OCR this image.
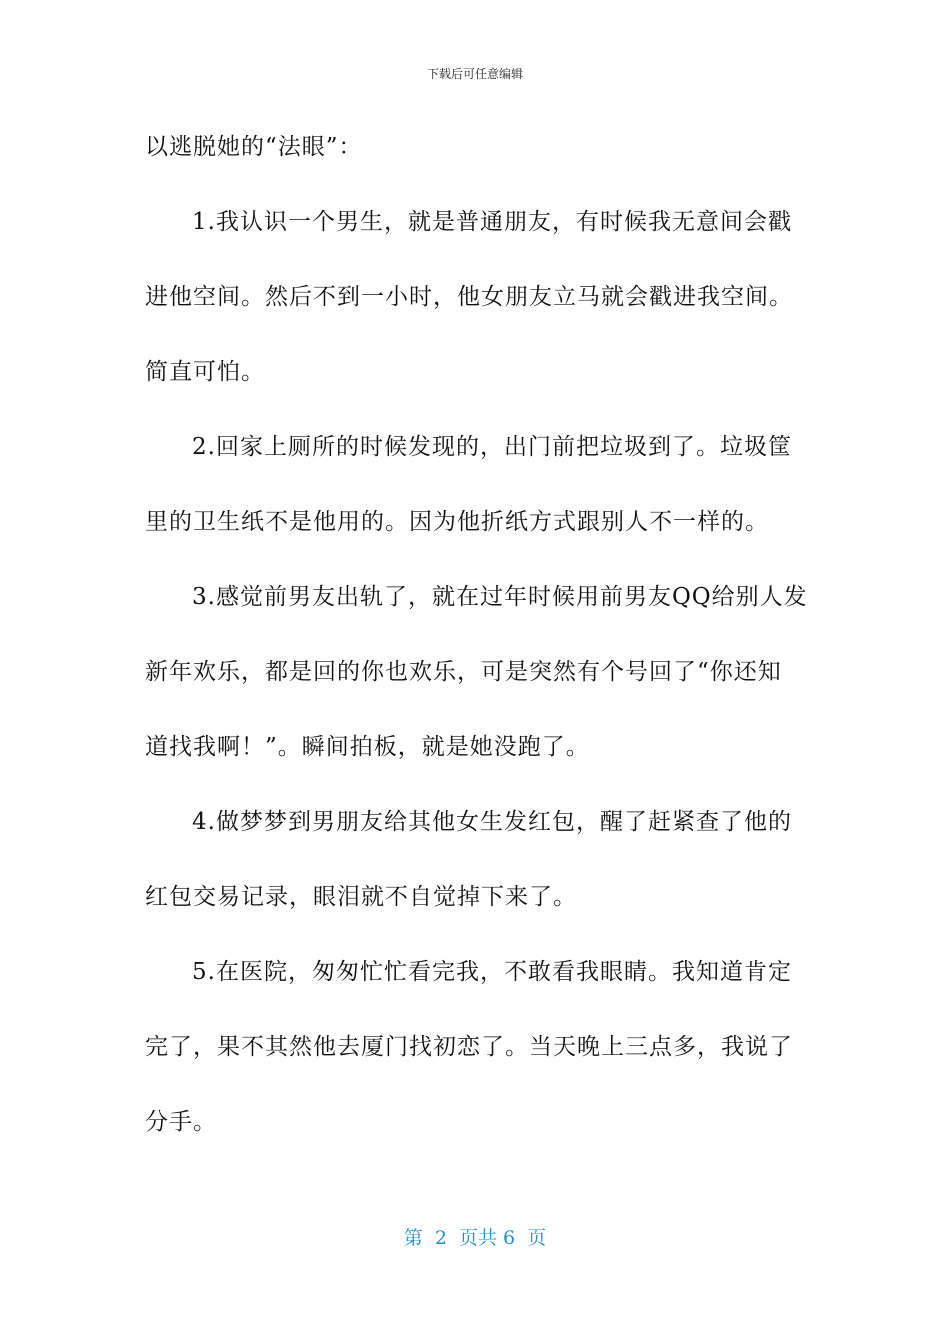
下载后可任意编辑
以逃脱她的“法眼”：
1.我认识一个男生，就是普通朋友，有时候我无意间会戳
进他空间。然后不到一小时，他女朋友立马就会戳进我空间。
简直可怕。
2.回家上厕所的时候发现的，出门前把垃圾到了。垃圾筐
里的卫生纸不是他用的。因为他折纸方式跟别人不一样的。
3.感觉前男友出轨了，就在过年时候用前男友QQ给别人发
新年欢乐，都是回的你也欢乐，可是突然有个号回了“你还知
道找我啊！”。瞬间拍板，就是她没跑了。
4.做梦梦到男朋友给其他女生发红包，醒了赶紧查了他的
红包交易记录，眼泪就不自觉掉下来了。
5.在医院，匆匆忙忙看完我，不敢看我眼睛。我知道肯定
完了，果不其然他去厦门找初恋了。当天晚上三点多，我说了
分手。
第  2  页共 6  页
